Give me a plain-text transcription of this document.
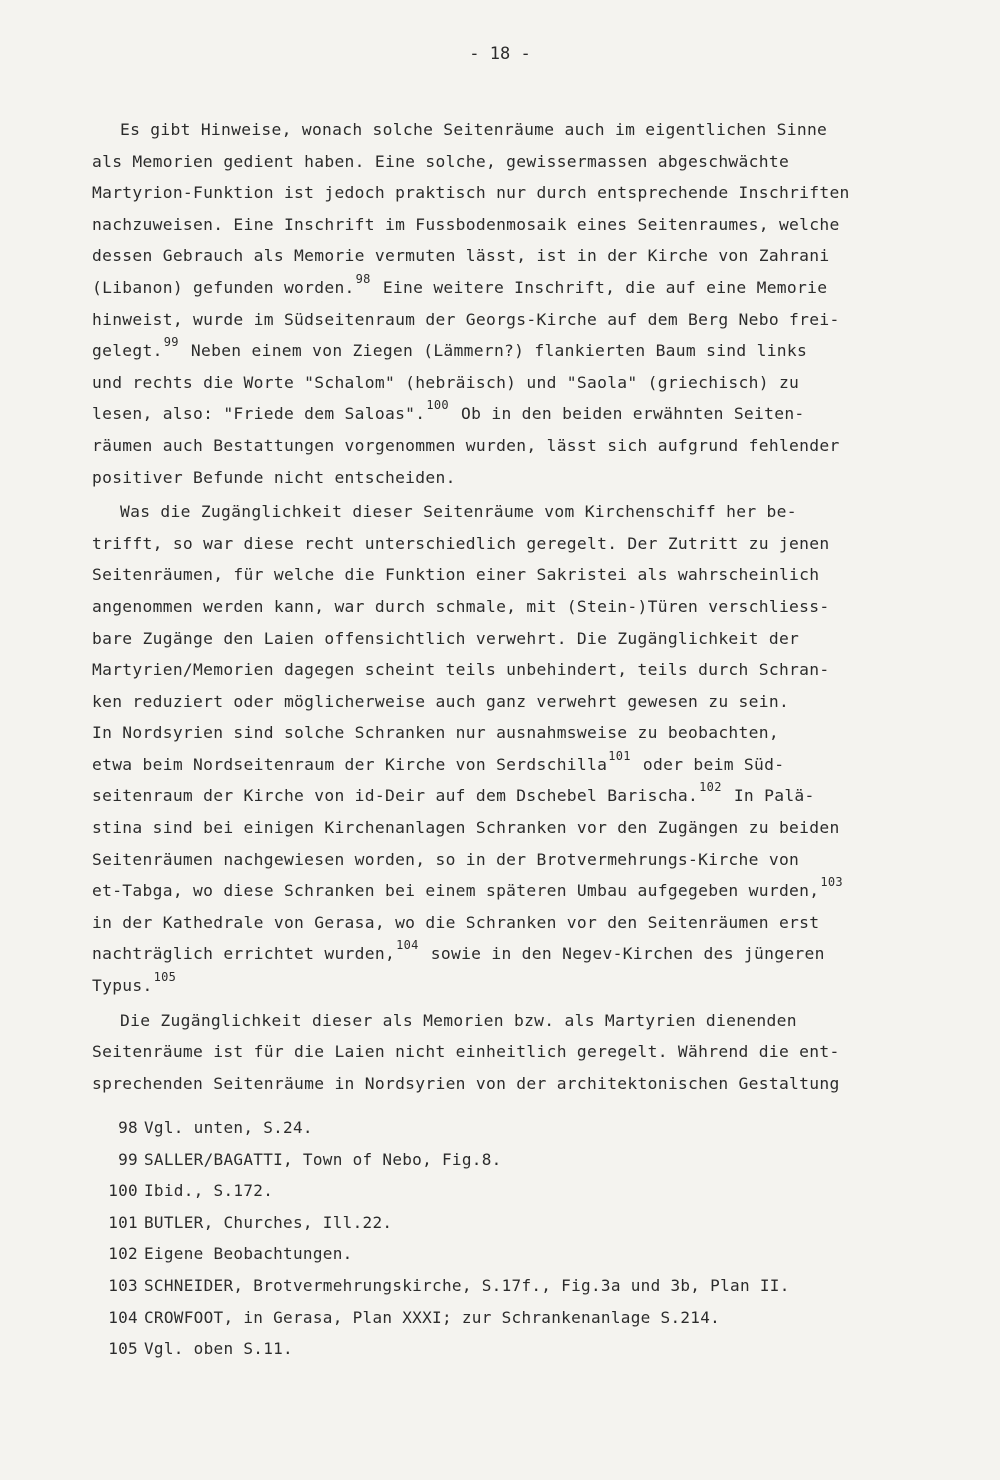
- 18 -
Es gibt Hinweise, wonach solche Seitenräume auch im eigentlichen Sinne
als Memorien gedient haben. Eine solche, gewissermassen abgeschwächte
Martyrion-Funktion ist jedoch praktisch nur durch entsprechende Inschriften
nachzuweisen. Eine Inschrift im Fussbodenmosaik eines Seitenraumes, welche
dessen Gebrauch als Memorie vermuten lässt, ist in der Kirche von Zahrani
(Libanon) gefunden worden.$^{98}$ Eine weitere Inschrift, die auf eine Memorie
hinweist, wurde im Südseitenraum der Georgs-Kirche auf dem Berg Nebo frei-
gelegt.$^{99}$ Neben einem von Ziegen (Lämmern?) flankierten Baum sind links
und rechts die Worte "Schalom" (hebräisch) und "Saola" (griechisch) zu
lesen, also: "Friede dem Saloas".$^{100}$ Ob in den beiden erwähnten Seiten-
räumen auch Bestattungen vorgenommen wurden, lässt sich aufgrund fehlender
positiver Befunde nicht entscheiden.
Was die Zugänglichkeit dieser Seitenräume vom Kirchenschiff her be-
trifft, so war diese recht unterschiedlich geregelt. Der Zutritt zu jenen
Seitenräumen, für welche die Funktion einer Sakristei als wahrscheinlich
angenommen werden kann, war durch schmale, mit (Stein-)Türen verschliess-
bare Zugänge den Laien offensichtlich verwehrt. Die Zugänglichkeit der
Martyrien/Memorien dagegen scheint teils unbehindert, teils durch Schran-
ken reduziert oder möglicherweise auch ganz verwehrt gewesen zu sein.
In Nordsyrien sind solche Schranken nur ausnahmsweise zu beobachten,
etwa beim Nordseitenraum der Kirche von Serdschilla$^{101}$ oder beim Süd-
seitenraum der Kirche von id-Deir auf dem Dschebel Barischa.$^{102}$ In Palä-
stina sind bei einigen Kirchenanlagen Schranken vor den Zugängen zu beiden
Seitenräumen nachgewiesen worden, so in der Brotvermehrungs-Kirche von
et-Tabga, wo diese Schranken bei einem späteren Umbau aufgegeben wurden,$^{103}$
in der Kathedrale von Gerasa, wo die Schranken vor den Seitenräumen erst
nachträglich errichtet wurden,$^{104}$ sowie in den Negev-Kirchen des jüngeren
Typus.$^{105}$
Die Zugänglichkeit dieser als Memorien bzw. als Martyrien dienenden
Seitenräume ist für die Laien nicht einheitlich geregelt. Während die ent-
sprechenden Seitenräume in Nordsyrien von der architektonischen Gestaltung
98 Vgl. unten, S.24.
99 SALLER/BAGATTI, Town of Nebo, Fig.8.
100 Ibid., S.172.
101 BUTLER, Churches, Ill.22.
102 Eigene Beobachtungen.
103 SCHNEIDER, Brotvermehrungskirche, S.17f., Fig.3a und 3b, Plan II.
104 CROWFOOT, in Gerasa, Plan XXXI; zur Schrankenanlage S.214.
105 Vgl. oben S.11.
